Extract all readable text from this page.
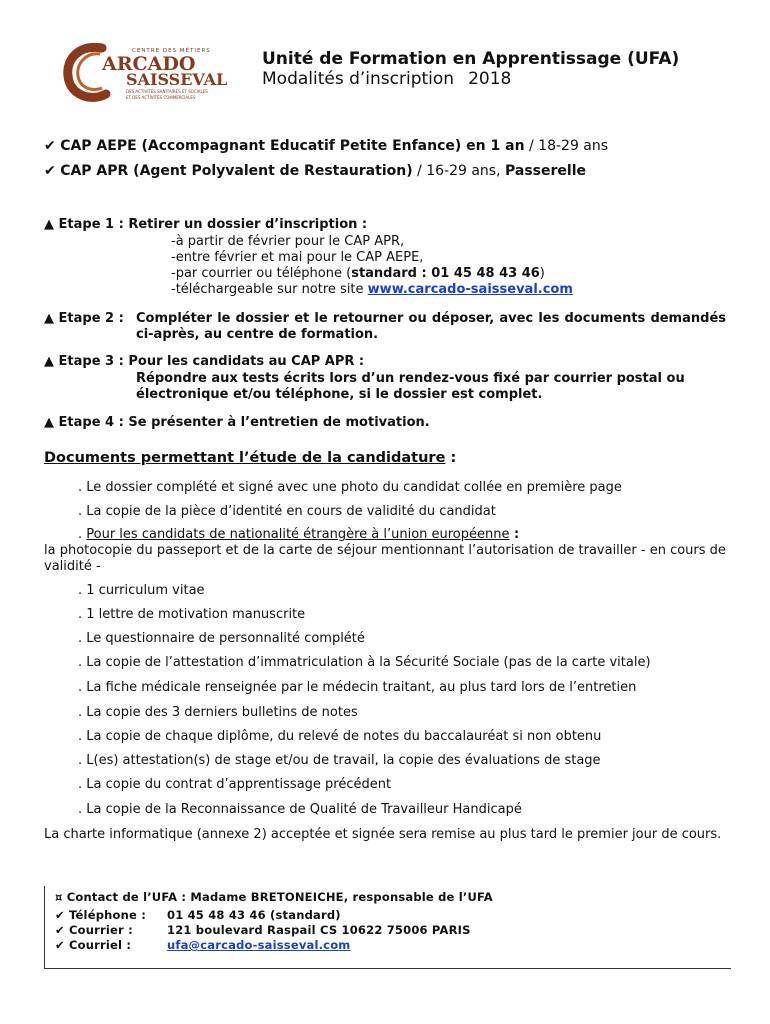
CENTRE DES MÉTIERS
ARCADO
SAISSEVAL
DES ACTIVITÉS SANITAIRES ET SOCIALES
ET DES ACTIVITÉS COMMERCIALES
Unité de Formation en Apprentissage (UFA)
Modalités d’inscription 2018
✔ CAP AEPE (Accompagnant Educatif Petite Enfance) en 1 an / 18-29 ans
✔ CAP APR (Agent Polyvalent de Restauration) / 16-29 ans, Passerelle
▲ Etape 1 : Retirer un dossier d’inscription :
-à partir de février pour le CAP APR,
-entre février et mai pour le CAP AEPE,
-par courrier ou téléphone (standard : 01 45 48 43 46)
-téléchargeable sur notre site www.carcado-saisseval.com
▲ Etape 2 : Compléter le dossier et le retourner ou déposer, avec les documents demandés ci-après, au centre de formation.
▲ Etape 3 : Pour les candidats au CAP APR :
Répondre aux tests écrits lors d’un rendez-vous fixé par courrier postal ou électronique et/ou téléphone, si le dossier est complet.
▲ Etape 4 : Se présenter à l’entretien de motivation.
Documents permettant l’étude de la candidature :
. Le dossier complété et signé avec une photo du candidat collée en première page
. La copie de la pièce d’identité en cours de validité du candidat
. Pour les candidats de nationalité étrangère à l’union européenne :
la photocopie du passeport et de la carte de séjour mentionnant l’autorisation de travailler - en cours de validité -
. 1 curriculum vitae
. 1 lettre de motivation manuscrite
. Le questionnaire de personnalité complété
. La copie de l’attestation d’immatriculation à la Sécurité Sociale (pas de la carte vitale)
. La fiche médicale renseignée par le médecin traitant, au plus tard lors de l’entretien
. La copie des 3 derniers bulletins de notes
. La copie de chaque diplôme, du relevé de notes du baccalauréat si non obtenu
. L(es) attestation(s) de stage et/ou de travail, la copie des évaluations de stage
. La copie du contrat d’apprentissage précédent
. La copie de la Reconnaissance de Qualité de Travailleur Handicapé
La charte informatique (annexe 2) acceptée et signée sera remise au plus tard le premier jour de cours.
¤ Contact de l’UFA : Madame BRETONEICHE, responsable de l’UFA
✔ Téléphone : 01 45 48 43 46 (standard)
✔ Courrier :	121 boulevard Raspail CS 10622 75006 PARIS
✔ Courriel :	ufa@carcado-saisseval.com
